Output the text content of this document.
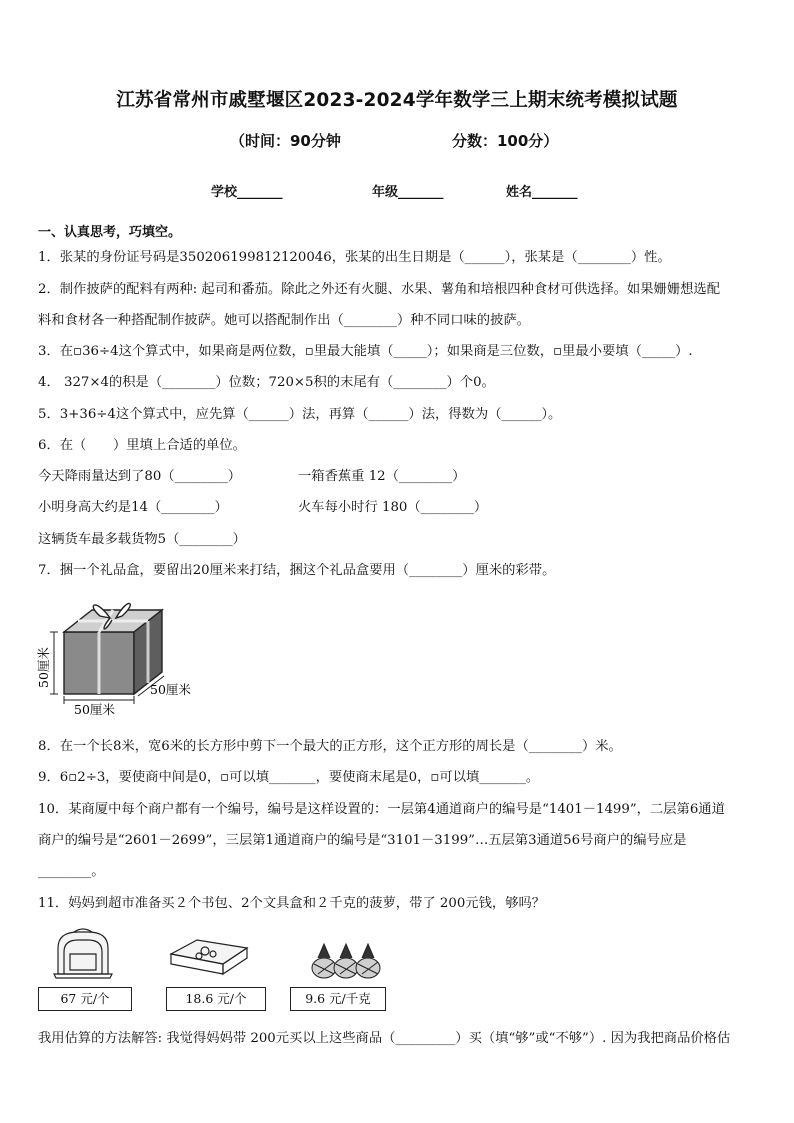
江苏省常州市戚墅堰区2023-2024学年数学三上期末统考模拟试题
（时间：90分钟	分数：100分）
学校_______	年级_______	姓名_______
一、认真思考，巧填空。
1．张某的身份证号码是350206199812120046，张某的出生日期是（______），张某是（________）性。
2．制作披萨的配料有两种: 起司和番茄。除此之外还有火腿、水果、薯角和培根四种食材可供选择。如果姗姗想选配
料和食材各一种搭配制作披萨。她可以搭配制作出（________）种不同口味的披萨。
3．在▫36÷4这个算式中，如果商是两位数，▫里最大能填（_____）；如果商是三位数，▫里最小要填（_____）.
4． 327×4的积是（________）位数；720×5积的末尾有（________）个0。
5．3+36÷4这个算式中，应先算（______）法，再算（______）法，得数为（______）。
6．在（　　）里填上合适的单位。
今天降雨量达到了80（________）	一箱香蕉重 12（________）
小明身高大约是14（________）	火车每小时行 180（________）
这辆货车最多载货物5（________）
7．捆一个礼品盒，要留出20厘米来打结，捆这个礼品盒要用（________）厘米的彩带。
50厘米
50厘米
50厘米
8．在一个长8米，宽6米的长方形中剪下一个最大的正方形，这个正方形的周长是（________）米。
9．6▫2÷3，要使商中间是0，▫可以填_______，要使商末尾是0，▫可以填_______。
10．某商厦中每个商户都有一个编号，编号是这样设置的：一层第4通道商户的编号是“1401－1499”，二层第6通道
商户的编号是“2601－2699”，三层第1通道商户的编号是“3101－3199”…五层第3通道56号商户的编号应是
________。
11．妈妈到超市准备买２个书包、2个文具盒和２千克的菠萝，带了 200元钱，够吗？
67 元/个	18.6 元/个	9.6 元/千克
我用估算的方法解答: 我觉得妈妈带 200元买以上这些商品（_________）买（填“够”或“不够”）. 因为我把商品价格估
